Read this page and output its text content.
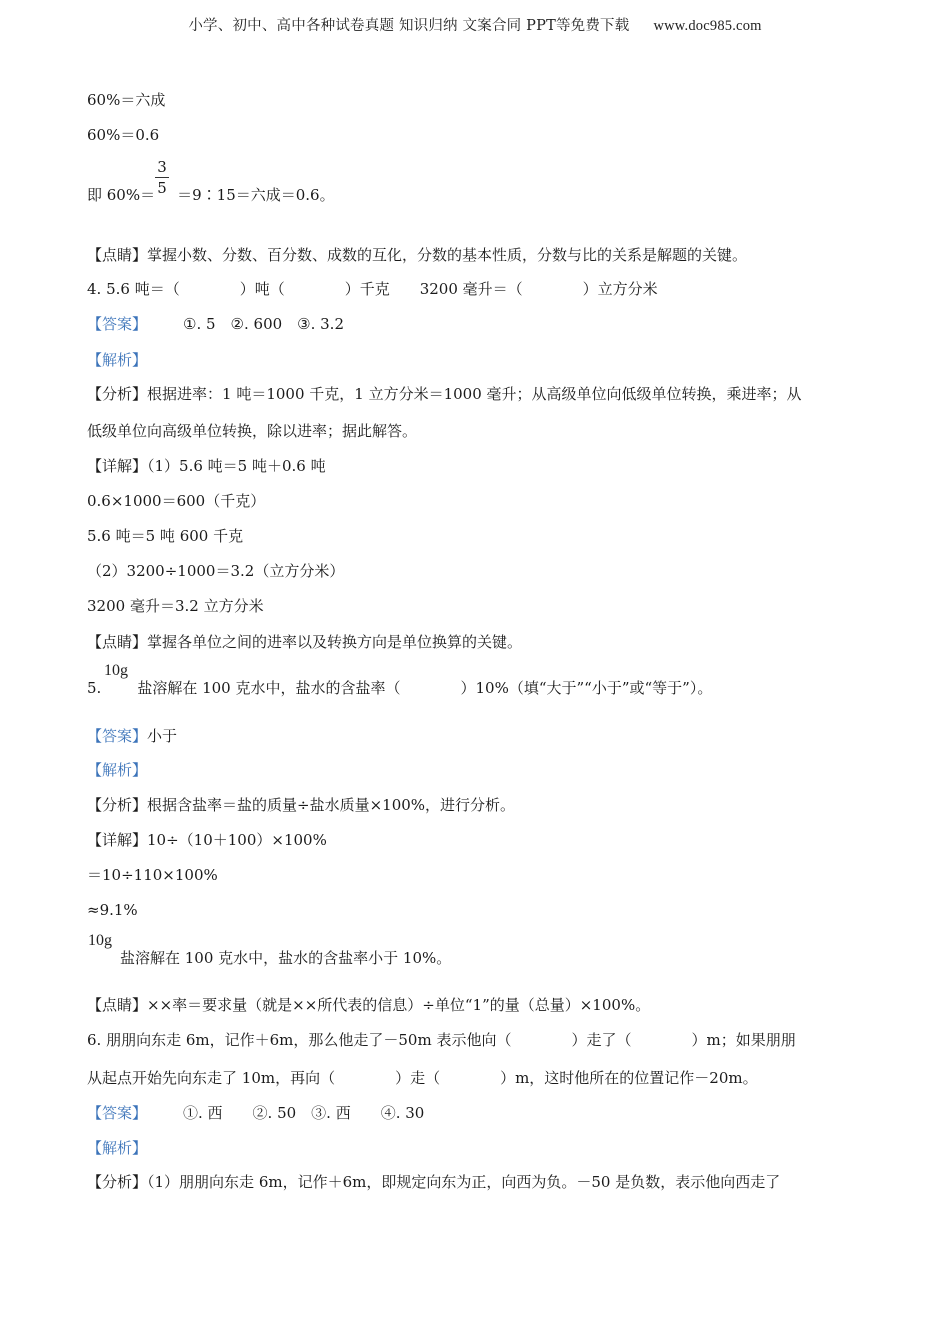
小学、初中、高中各种试卷真题 知识归纳 文案合同 PPT等免费下载 www.doc985.com
60%＝六成
60%＝0.6
即 60%＝ ＝9∶15＝六成＝0.6。
3
5
【点睛】掌握小数、分数、百分数、成数的互化，分数的基本性质，分数与比的关系是解题的关键。
4. 5.6 吨＝（　　　　）吨（　　　　）千克　　3200 毫升＝（　　　　）立方分米
【答案】 ①. 5　②. 600　③. 3.2
【解析】
【分析】根据进率：1 吨＝1000 千克，1 立方分米＝1000 毫升；从高级单位向低级单位转换，乘进率；从
低级单位向高级单位转换，除以进率；据此解答。
【详解】（1）5.6 吨＝5 吨＋0.6 吨
0.6×1000＝600（千克）
5.6 吨＝5 吨 600 千克
（2）3200÷1000＝3.2（立方分米）
3200 毫升＝3.2 立方分米
【点睛】掌握各单位之间的进率以及转换方向是单位换算的关键。
10g
5. 盐溶解在 100 克水中，盐水的含盐率（　　　　）10%（填“大于”“小于”或“等于”）。
【答案】小于
【解析】
【分析】根据含盐率＝盐的质量÷盐水质量×100%，进行分析。
【详解】10÷（10＋100）×100%
＝10÷110×100%
≈9.1%
10g
盐溶解在 100 克水中，盐水的含盐率小于 10%。
【点睛】××率＝要求量（就是××所代表的信息）÷单位“1”的量（总量）×100%。
6. 朋朋向东走 6m，记作＋6m，那么他走了－50m 表示他向（　　　　）走了（　　　　）m；如果朋朋
从起点开始先向东走了 10m，再向（　　　　）走（　　　　）m，这时他所在的位置记作－20m。
【答案】 ①. 西　　②. 50　③. 西　　④. 30
【解析】
【分析】（1）朋朋向东走 6m，记作＋6m，即规定向东为正，向西为负。－50 是负数，表示他向西走了
